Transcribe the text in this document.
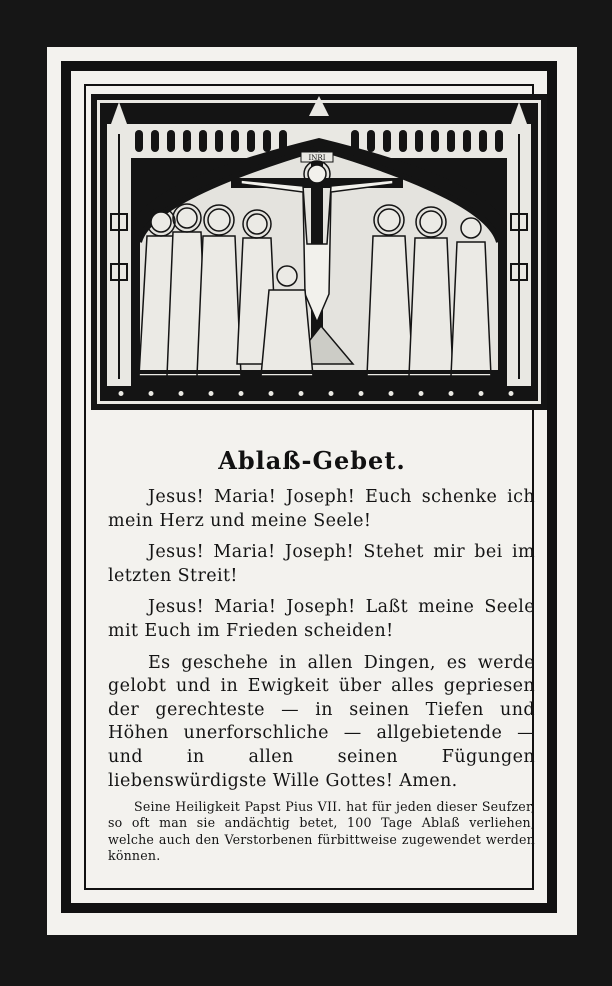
INRI
Ablaß-Gebet.

Jesus! Maria! Joseph! Euch schenke ich mein Herz und meine Seele!

Jesus! Maria! Joseph! Stehet mir bei im letzten Streit!

Jesus! Maria! Joseph! Laßt meine Seele mit Euch im Frieden scheiden!

Es geschehe in allen Dingen, es werde gelobt und in Ewigkeit über alles gepriesen der gerechteste — in seinen Tiefen und Höhen unerforschliche — allgebietende — und in allen seinen Fügungen liebenswürdigste Wille Gottes! Amen.

Seine Heiligkeit Papst Pius VII. hat für jeden dieser Seufzer, so oft man sie andächtig betet, 100 Tage Ablaß verliehen, welche auch den Verstorbenen fürbittweise zugewendet werden können.
